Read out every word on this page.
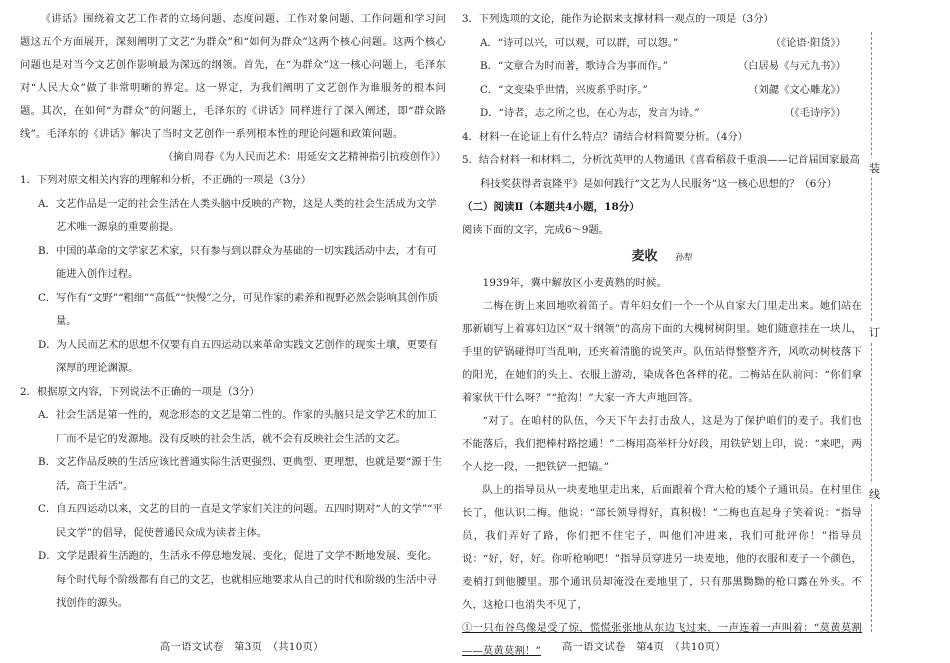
《讲话》围绕着文艺工作者的立场问题、态度问题、工作对象问题、工作问题和学习问题这五个方面展开，深刻阐明了文艺“为群众”和“如何为群众”这两个核心问题。这两个核心问题也是对当今文艺创作影响最为深远的纲领。首先，在“为群众”这一核心问题上，毛泽东对“人民大众”做了非常明晰的界定。这一界定，为我们阐明了文艺创作为谁服务的根本问题。其次，在如何“为群众”的问题上，毛泽东的《讲话》同样进行了深入阐述，即“群众路线”。毛泽东的《讲话》解决了当时文艺创作一系列根本性的理论问题和政策问题。
（摘自周春《为人民而艺术：用延安文艺精神指引抗疫创作》）
1．下列对原文相关内容的理解和分析，不正确的一项是（3分）
A．文艺作品是一定的社会生活在人类头脑中反映的产物，这是人类的社会生活成为文学艺术唯一源泉的重要前提。
B．中国的革命的文学家艺术家，只有参与到以群众为基础的一切实践活动中去，才有可能进入创作过程。
C．写作有“文野”“粗细”“高低”“快慢”之分，可见作家的素养和视野必然会影响其创作质量。
D．为人民而艺术的思想不仅要有自五四运动以来革命实践文艺创作的现实土壤，更要有深厚的理论渊源。
2．根据原文内容，下列说法不正确的一项是（3分）
A．社会生活是第一性的，观念形态的文艺是第二性的。作家的头脑只是文学艺术的加工厂而不是它的发源地。没有反映的社会生活，就不会有反映社会生活的文艺。
B．文艺作品反映的生活应该比普通实际生活更强烈、更典型、更理想，也就是要“源于生活，高于生活”。
C．自五四运动以来，文艺的目的一直是文学家们关注的问题。五四时期对“人的文学”“平民文学”的倡导，促使普通民众成为读者主体。
D．文学是跟着生活跑的，生活永不停息地发展、变化，促进了文学不断地发展、变化。每个时代每个阶级都有自己的文艺，也就相应地要求从自己的时代和阶级的生活中寻找创作的源头。
高一语文试卷　第3页　（共10页）
3．下列选项的文论，能作为论据来支撑材料一观点的一项是（3分）
A．“诗可以兴，可以观，可以群，可以怨。”	（《论语·阳货》）
B．“文章合为时而著，歌诗合为事而作。”	（白居易《与元九书》）
C．“文变染乎世情，兴废系乎时序。”	（刘勰《文心雕龙》）
D．“诗者，志之所之也，在心为志，发言为诗。”	（《毛诗序》）
4．材料一在论证上有什么特点？请结合材料简要分析。（4分）
5．结合材料一和材料二，分析沈英甲的人物通讯《喜看稻菽千重浪——记首届国家最高科技奖获得者袁隆平》是如何践行“文艺为人民服务”这一核心思想的？（6分）
（二）阅读Ⅱ（本题共4小题，18分）
阅读下面的文字，完成6～9题。
麦收 孙犁
1939年，冀中解放区小麦黄熟的时候。
二梅在街上来回地吹着笛子。青年妇女们一个一个从自家大门里走出来。她们站在那新刷写上着寡妇边区“双十纲领”的高房下面的大槐树树阴里。她们随意挂在一块儿，手里的铲锅碰得叮当乱响，还夹着清脆的说笑声。队伍站得整整齐齐，风吹动树枝落下的阳光，在她们的头上、衣服上游动，染成各色各样的花。二梅站在队前问：“你们拿着家伙干什么呀？”“抢沟！”大家一齐大声地回答。
“对了。在咱村的队伍，今天下午去打击敌人，这是为了保护咱们的麦子。我们也不能落后，我们把棒村路挖通！”二梅用高举杆分好段，用铁铲划上印，说：“来吧，两个人挖一段，一把铁铲一把镐。”
队上的指导员从一块麦地里走出来，后面跟着个背大枪的矮个子通讯员。在村里住长了，他认识二梅。他说：“部长领导得好，真积极！”二梅也直起身子笑着说：“指导员，我们弄好了路，你们把不住宅子，叫他们冲进来，我们可批评你！”指导员说：“好，好，好。你听枪响吧！”指导员穿进另一块麦地，他的衣服和麦子一个颜色，麦梢打到他腰里。那个通讯员却淹没在麦地里了，只有那黑黝黝的枪口露在外头。不久，这枪口也消失不见了，
①一只布谷鸟像是受了惊，慌慌张张地从东边飞过来，一声连着一声叫着：“莫黄莫割——莫黄莫割！”	高一语文试卷　第4页　（共10页）
装
订
线
